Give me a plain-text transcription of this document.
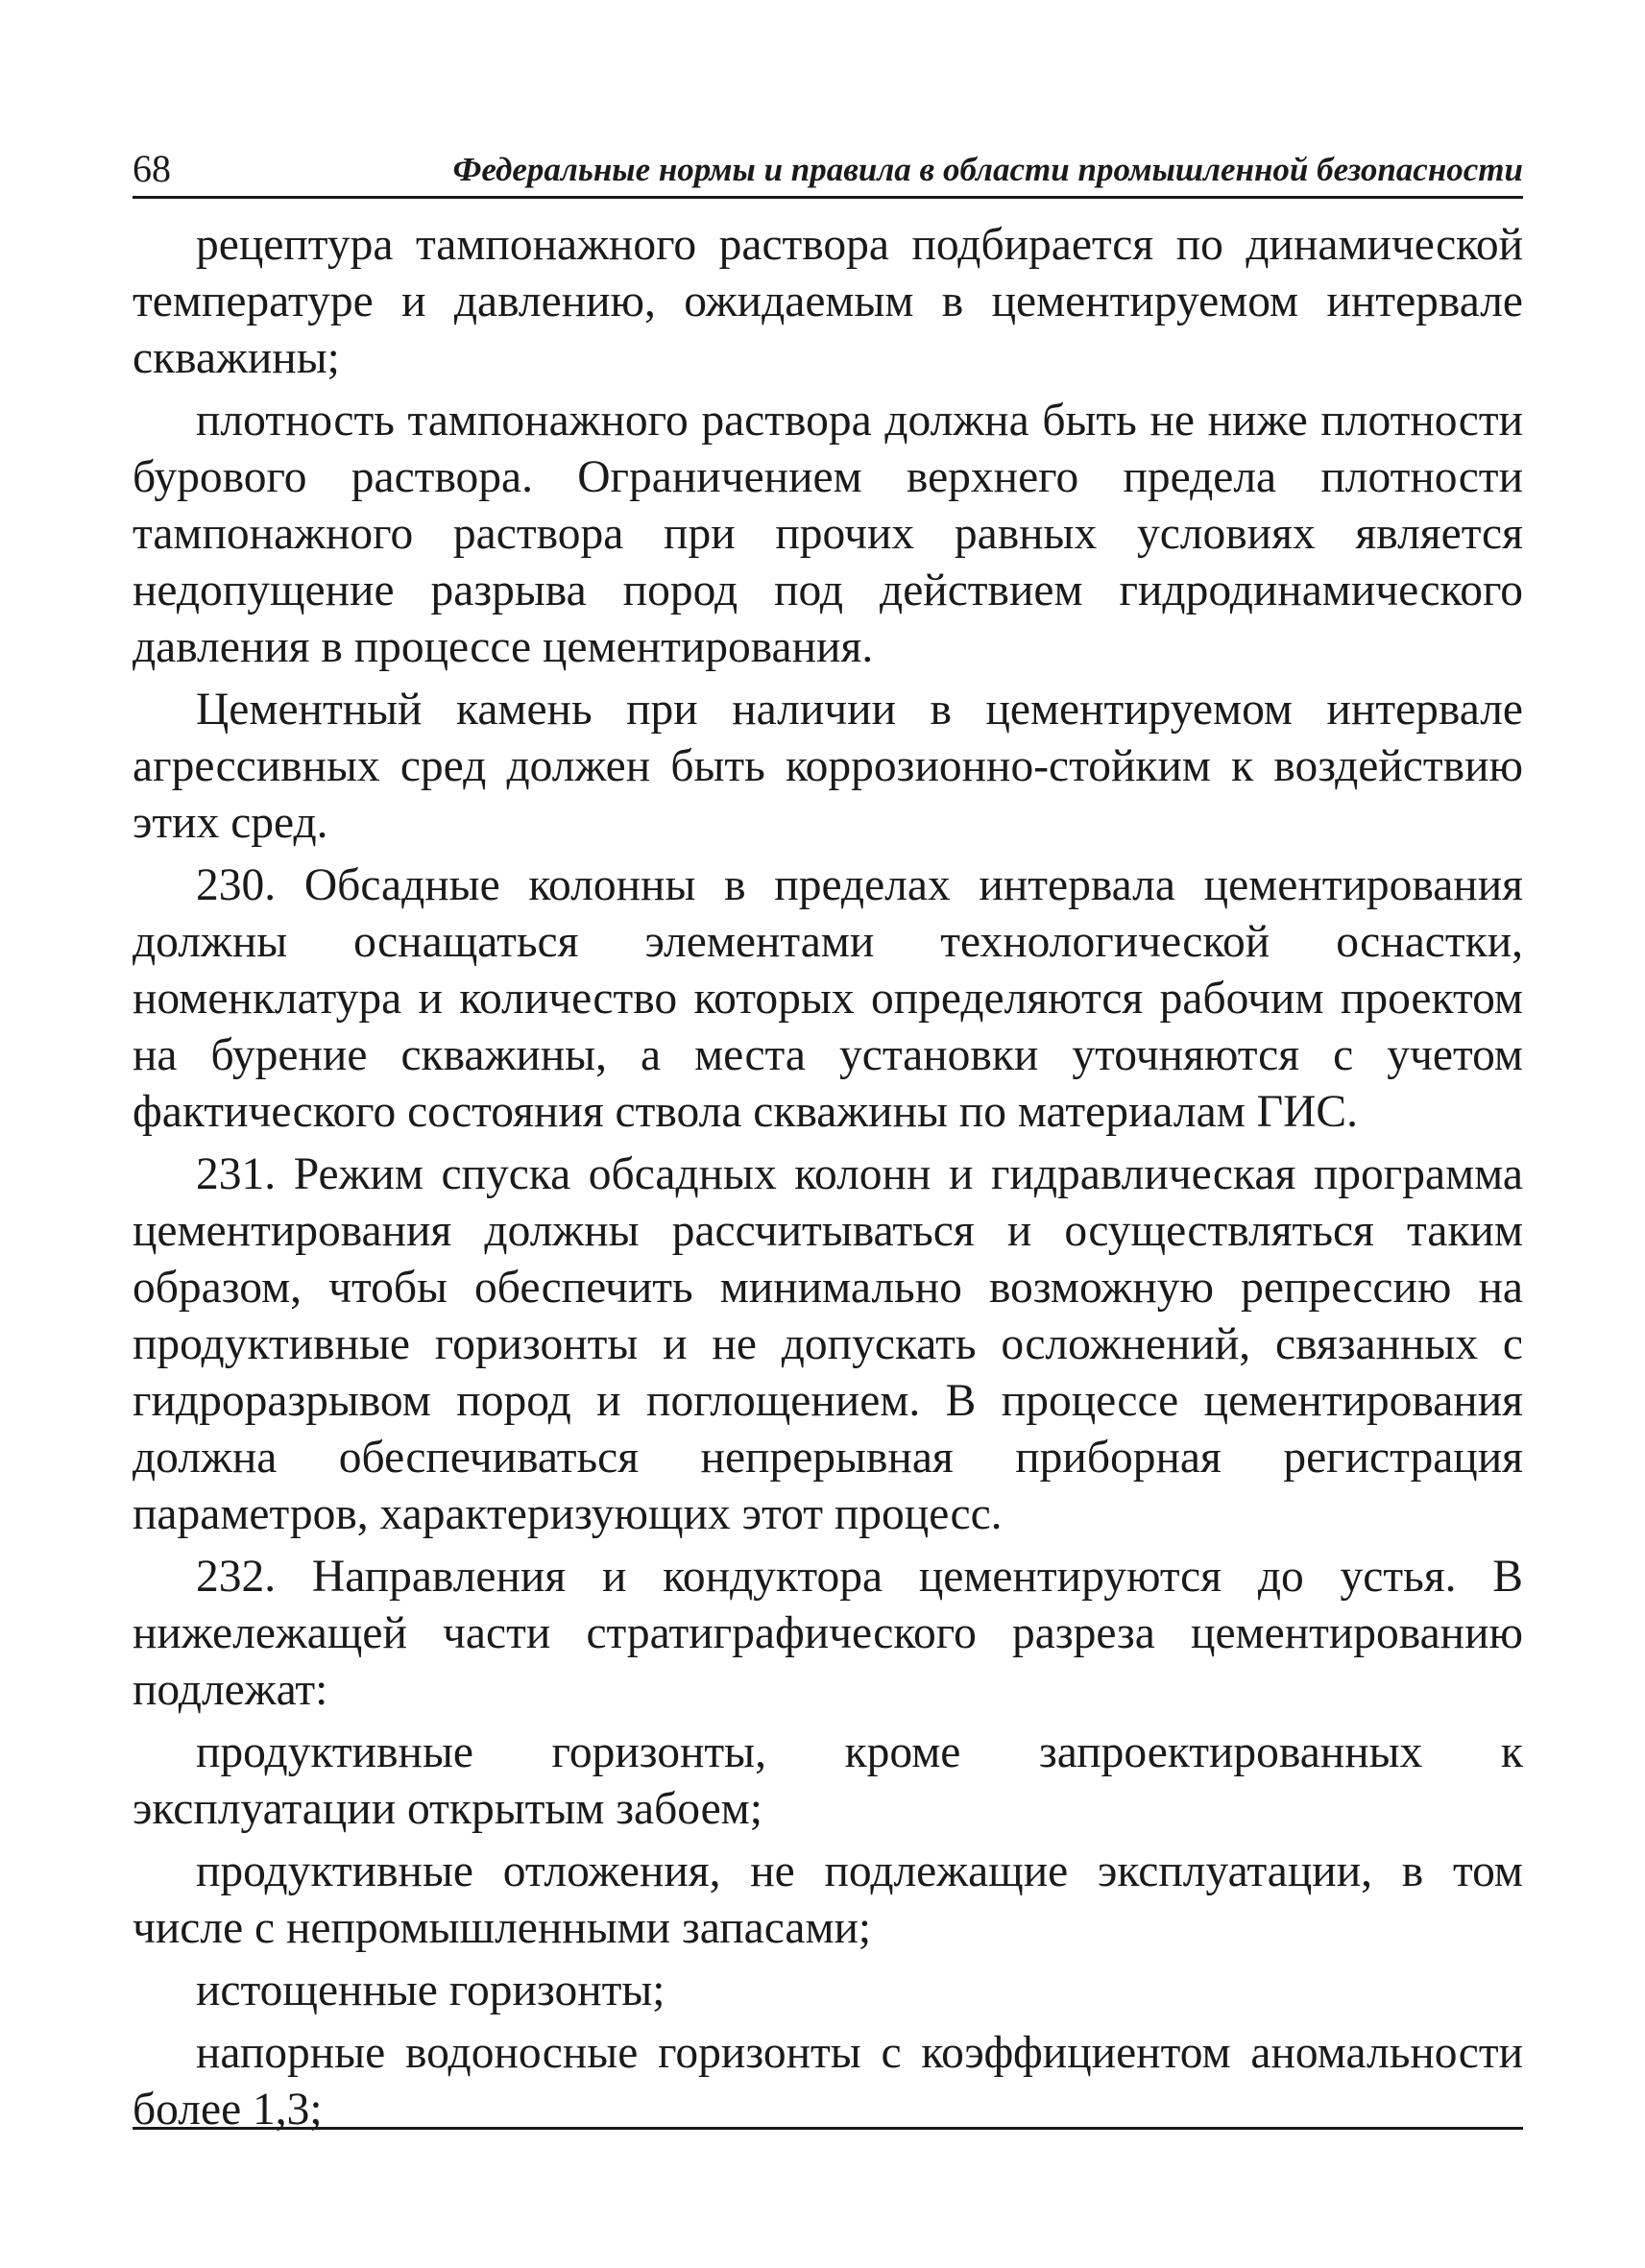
68	Федеральные нормы и правила в области промышленной безопасности

рецептура тампонажного раствора подбирается по динамической температуре и давлению, ожидаемым в цементируемом интервале скважины;

плотность тампонажного раствора должна быть не ниже плотности бурового раствора. Ограничением верхнего предела плотности тампонажного раствора при прочих равных условиях является недопущение разрыва пород под действием гидродинамического давления в процессе цементирования.

Цементный камень при наличии в цементируемом интервале агрессивных сред должен быть коррозионно-стойким к воздействию этих сред.

230. Обсадные колонны в пределах интервала цементирования должны оснащаться элементами технологической оснастки, номенклатура и количество которых определяются рабочим проектом на бурение скважины, а места установки уточняются с учетом фактического состояния ствола скважины по материалам ГИС.

231. Режим спуска обсадных колонн и гидравлическая программа цементирования должны рассчитываться и осуществляться таким образом, чтобы обеспечить минимально возможную репрессию на продуктивные горизонты и не допускать осложнений, связанных с гидроразрывом пород и поглощением. В процессе цементирования должна обеспечиваться непрерывная приборная регистрация параметров, характеризующих этот процесс.

232. Направления и кондуктора цементируются до устья. В нижележащей части стратиграфического разреза цементированию подлежат:

продуктивные горизонты, кроме запроектированных к эксплуатации открытым забоем;

продуктивные отложения, не подлежащие эксплуатации, в том числе с непромышленными запасами;

истощенные горизонты;

напорные водоносные горизонты с коэффициентом аномальности более 1,3;
